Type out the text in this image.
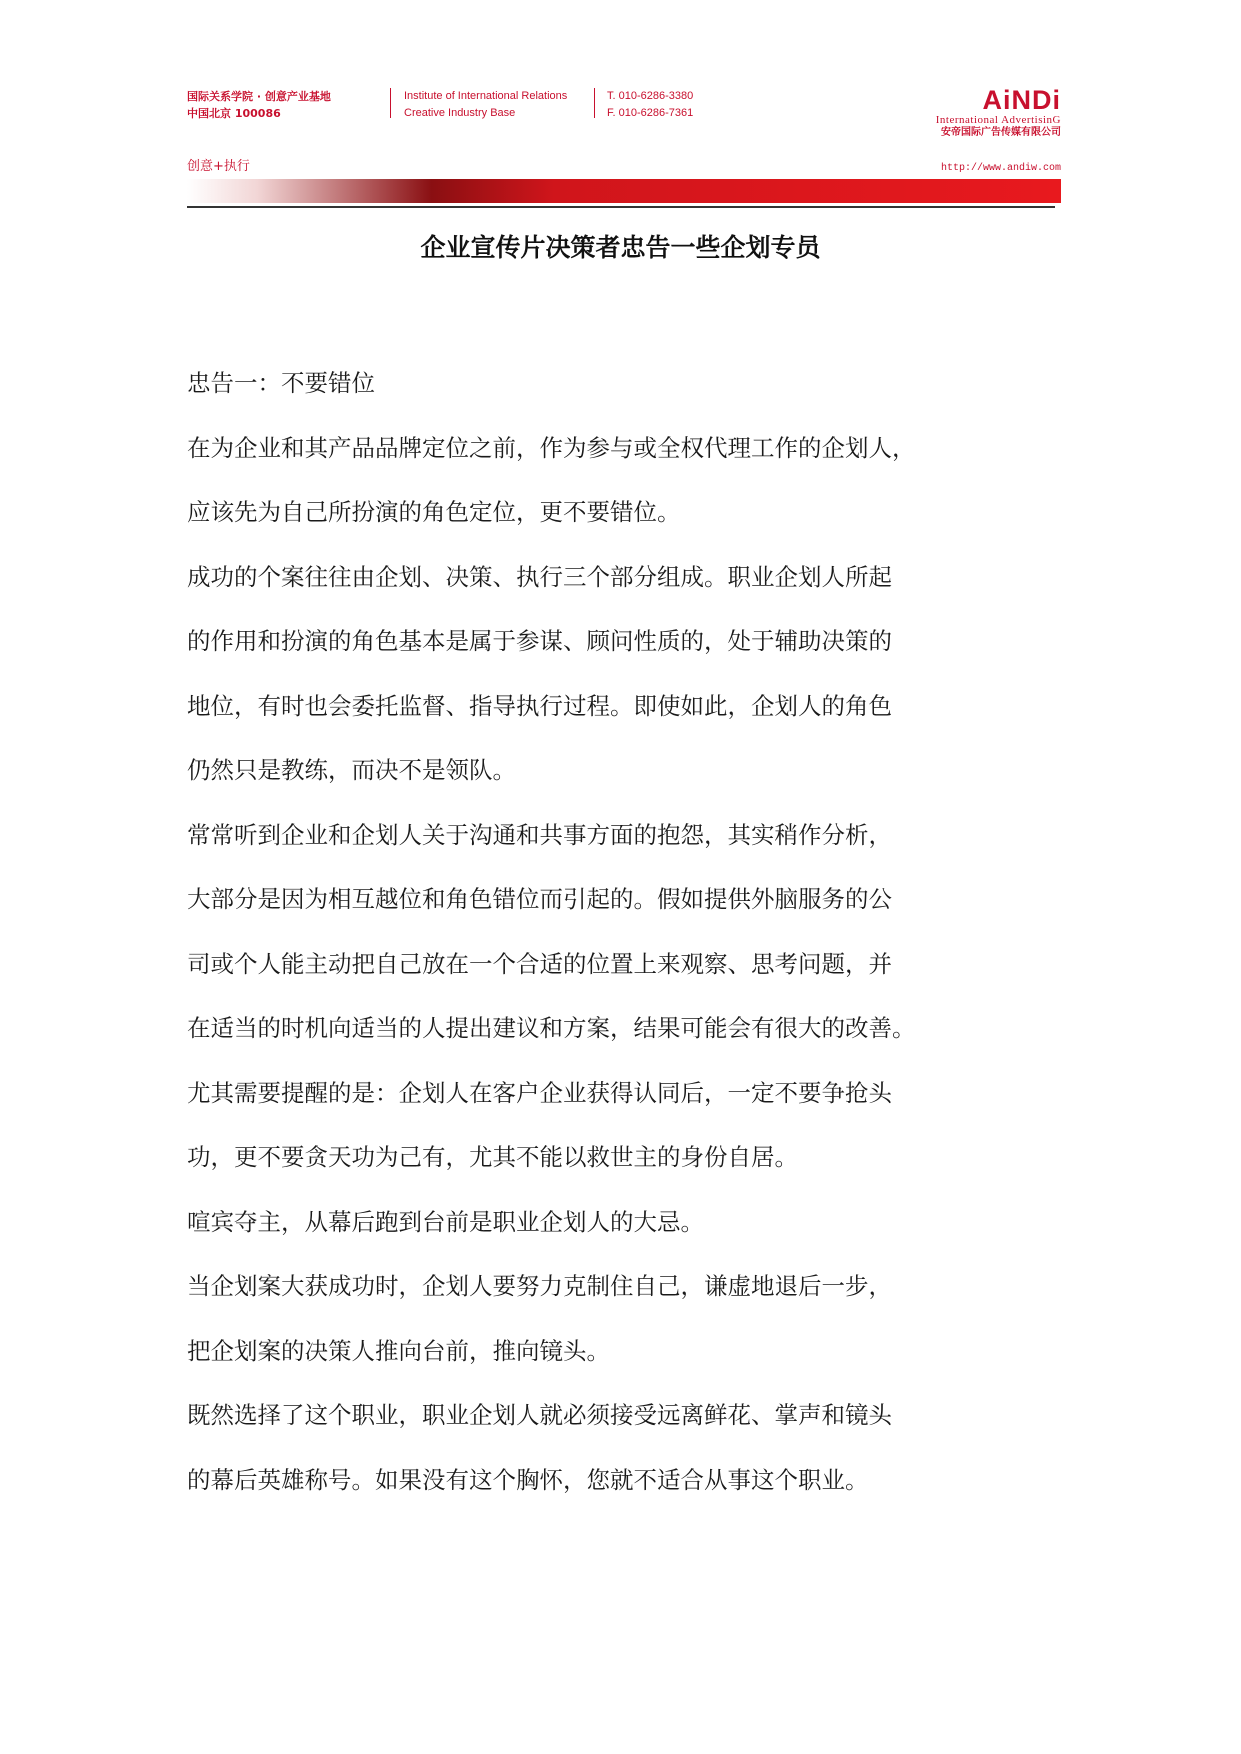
国际关系学院 · 创意产业基地
中国北京 100086
Institute of International Relations
Creative Industry Base
T. 010-6286-3380
F. 010-6286-7361	AiNDi
International AdvertisinG
安帝国际广告传媒有限公司
创意+执行	http://www.andiw.com
企业宣传片决策者忠告一些企划专员
忠告一：不要错位
在为企业和其产品品牌定位之前，作为参与或全权代理工作的企划人，
应该先为自己所扮演的角色定位，更不要错位。
成功的个案往往由企划、决策、执行三个部分组成。职业企划人所起
的作用和扮演的角色基本是属于参谋、顾问性质的，处于辅助决策的
地位，有时也会委托监督、指导执行过程。即使如此，企划人的角色
仍然只是教练，而决不是领队。
常常听到企业和企划人关于沟通和共事方面的抱怨，其实稍作分析，
大部分是因为相互越位和角色错位而引起的。假如提供外脑服务的公
司或个人能主动把自己放在一个合适的位置上来观察、思考问题，并
在适当的时机向适当的人提出建议和方案，结果可能会有很大的改善。
尤其需要提醒的是：企划人在客户企业获得认同后，一定不要争抢头
功，更不要贪天功为己有，尤其不能以救世主的身份自居。
喧宾夺主，从幕后跑到台前是职业企划人的大忌。
当企划案大获成功时，企划人要努力克制住自己，谦虚地退后一步，
把企划案的决策人推向台前，推向镜头。
既然选择了这个职业，职业企划人就必须接受远离鲜花、掌声和镜头
的幕后英雄称号。如果没有这个胸怀，您就不适合从事这个职业。
